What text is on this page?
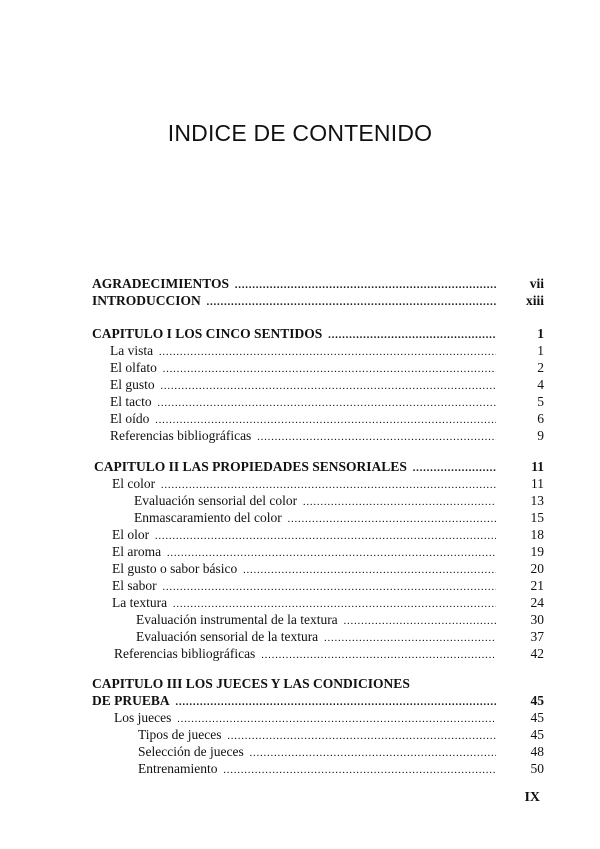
INDICE DE CONTENIDO
AGRADECIMIENTOS . . .	vii
INTRODUCCION . . .	xiii
CAPITULO I LOS CINCO SENTIDOS . . .	1
La vista . . .	1
El olfato . . .	2
El gusto . . .	4
El tacto . . .	5
El oído . . .	6
Referencias bibliográficas . . .	9
CAPITULO II LAS PROPIEDADES SENSORIALES . . .	11
El color . . .	11
Evaluación sensorial del color . . .	13
Enmascaramiento del color . . .	15
El olor . . .	18
El aroma . . .	19
El gusto o sabor básico . . .	20
El sabor . . .	21
La textura . . .	24
Evaluación instrumental de la textura . . .	30
Evaluación sensorial de la textura . . .	37
Referencias bibliográficas . . .	42
CAPITULO III LOS JUECES Y LAS CONDICIONES
DE PRUEBA . . .	45
Los jueces . . .	45
Tipos de jueces . . .	45
Selección de jueces . . .	48
Entrenamiento . . .	50
IX
